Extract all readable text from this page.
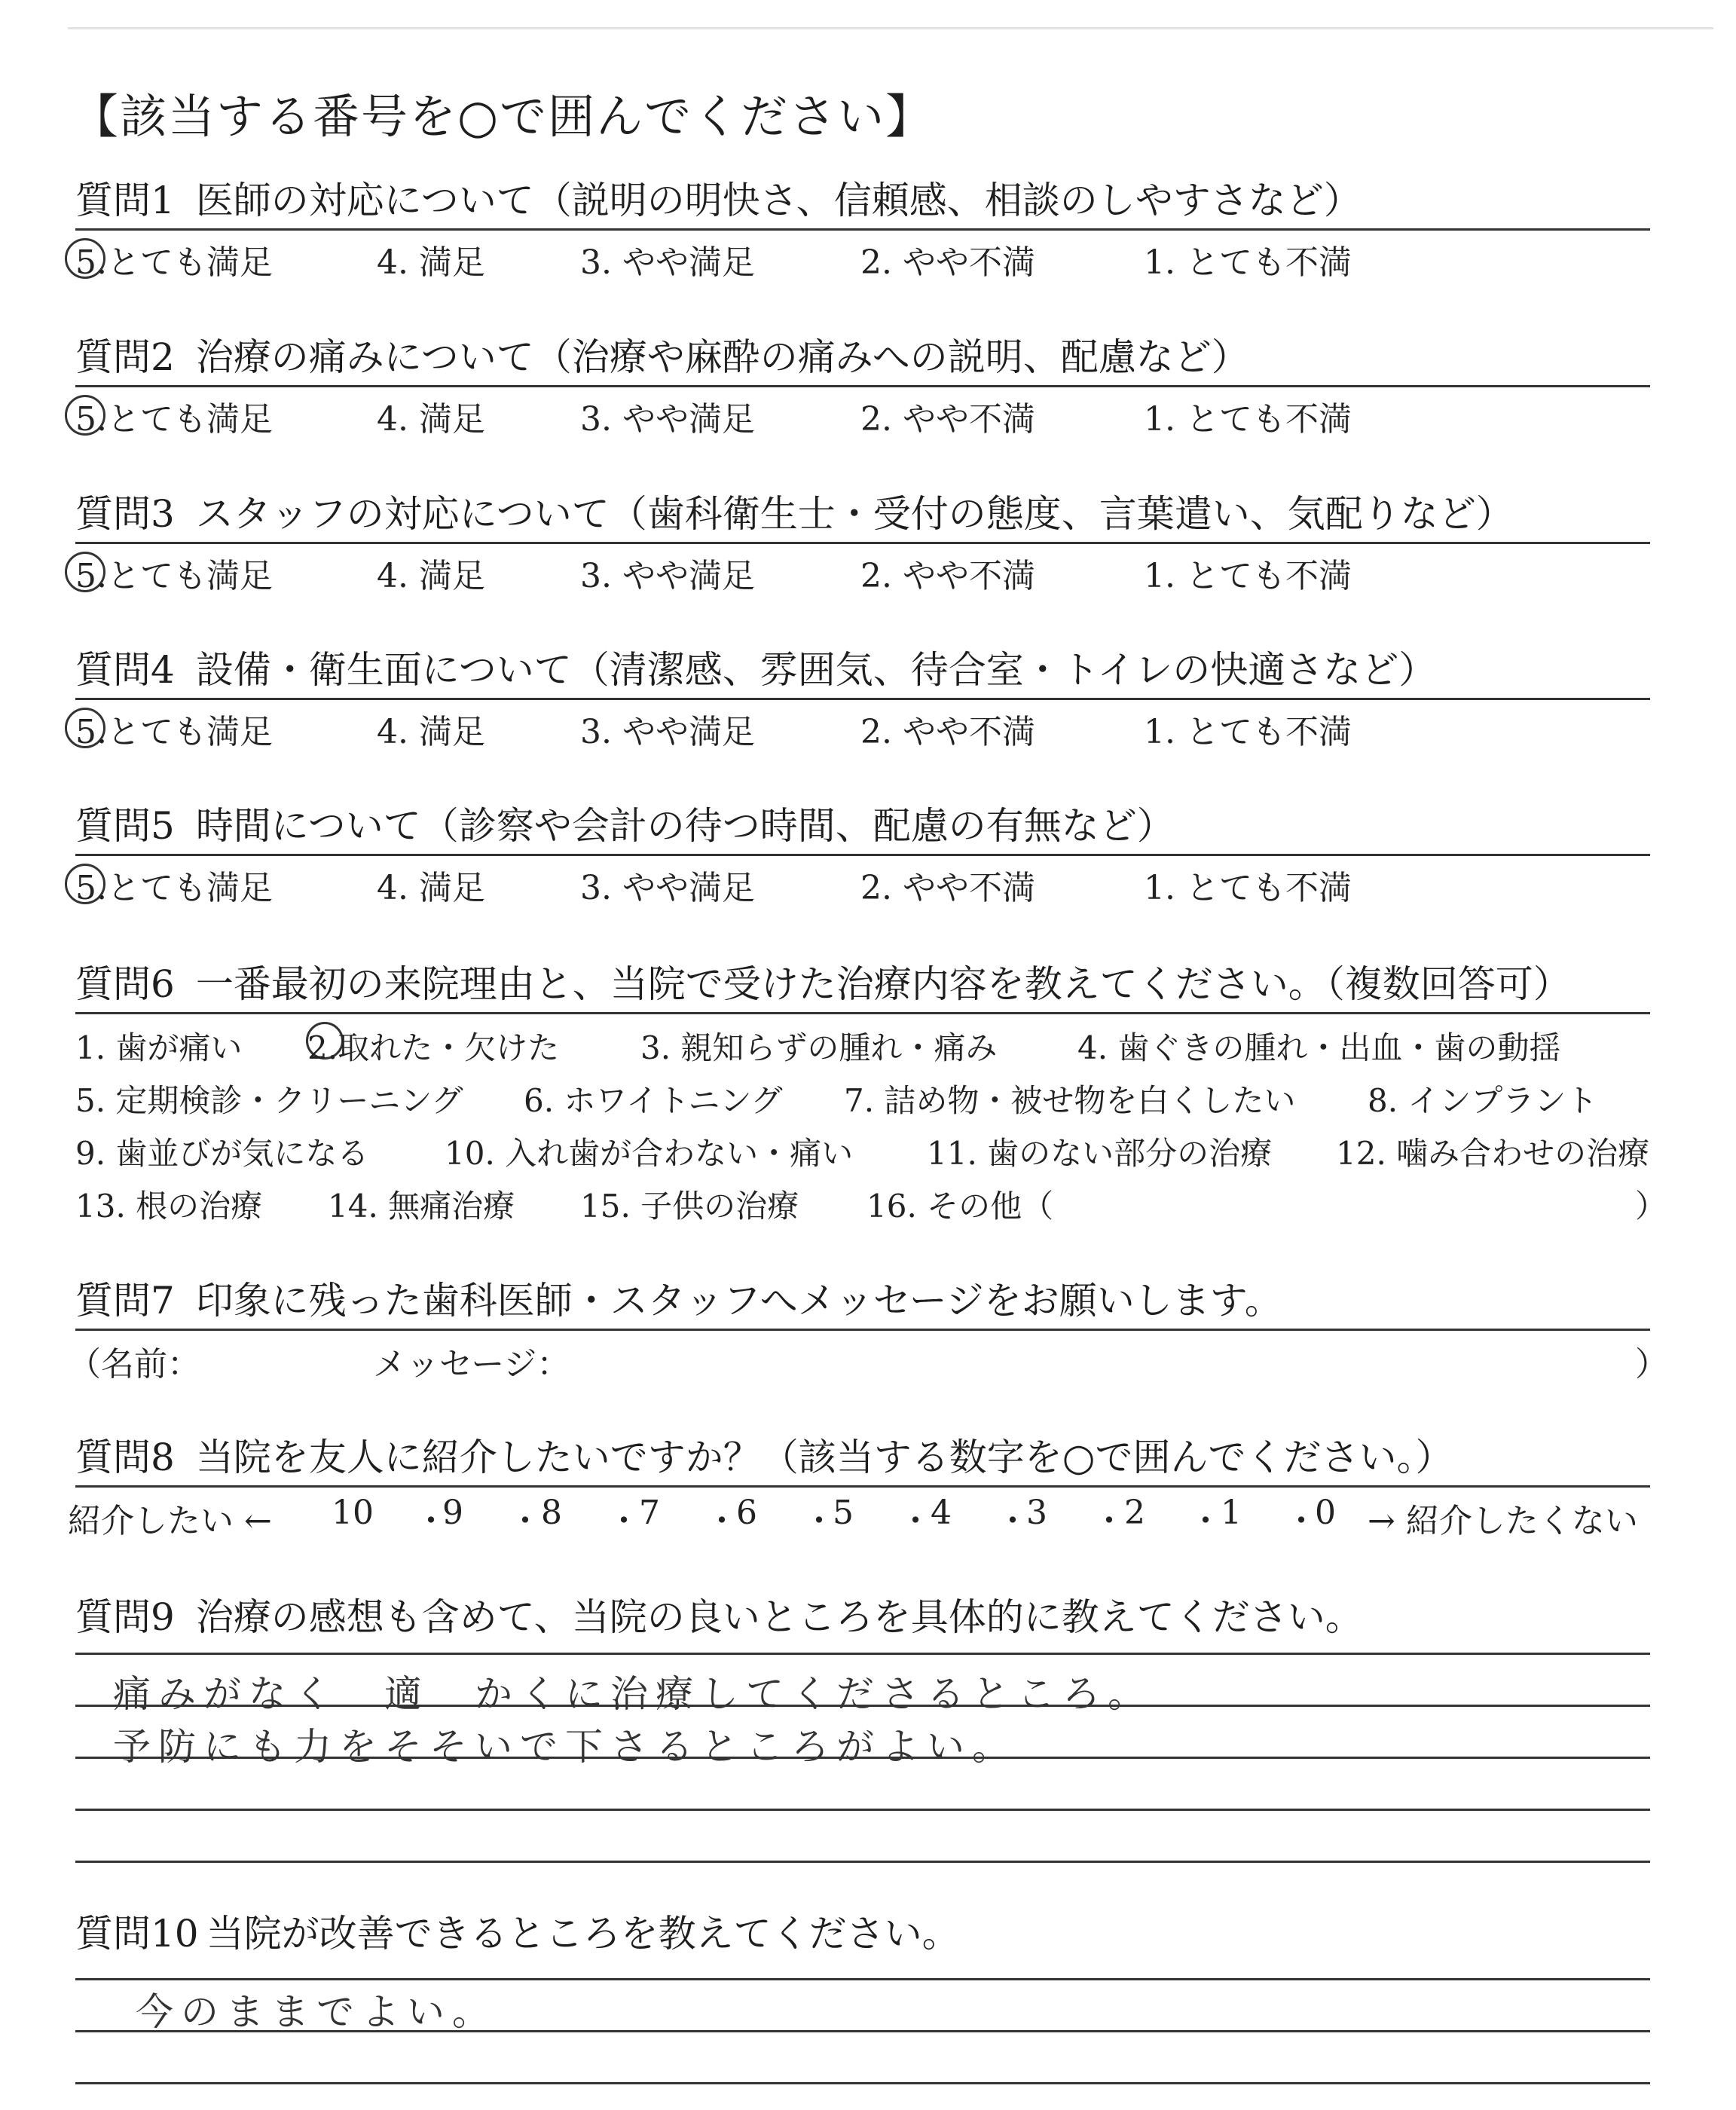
【該当する番号を○で囲んでください】
質問1 医師の対応について（説明の明快さ、信頼感、相談のしやすさなど）
5.とても満足	4. 満足	3. やや満足	2. やや不満	1. とても不満
質問2 治療の痛みについて（治療や麻酔の痛みへの説明、配慮など）
5.とても満足	4. 満足	3. やや満足	2. やや不満	1. とても不満
質問3 スタッフの対応について（歯科衛生士・受付の態度、言葉遣い、気配りなど）
5.とても満足	4. 満足	3. やや満足	2. やや不満	1. とても不満
質問4 設備・衛生面について（清潔感、雰囲気、待合室・トイレの快適さなど）
5.とても満足	4. 満足	3. やや満足	2. やや不満	1. とても不満
質問5 時間について（診察や会計の待つ時間、配慮の有無など）
5.とても満足	4. 満足	3. やや満足	2. やや不満	1. とても不満
質問6 一番最初の来院理由と、当院で受けた治療内容を教えてください。（複数回答可）
1. 歯が痛い 2.取れた・欠けた	3. 親知らずの腫れ・痛み	4. 歯ぐきの腫れ・出血・歯の動揺
5. 定期検診・クリーニング 6. ホワイトニング 7. 詰め物・被せ物を白くしたい 8. インプラント
9. 歯並びが気になる 10. 入れ歯が合わない・痛い 11. 歯のない部分の治療 12. 噛み合わせの治療
13. 根の治療 14. 無痛治療 15. 子供の治療 16. その他（	）
質問7 印象に残った歯科医師・スタッフへメッセージをお願いします。
（名前：	メッセージ：	）
質問8 当院を友人に紹介したいですか？（該当する数字を○で囲んでください。）
紹介したい ← 10 ・
9 ・ 8 ・
7 ・
6 ・
5 ・
4 ・
3 ・
2 ・
1 ・
0 → 紹介したくない
質問9 治療の感想も含めて、当院の良いところを具体的に教えてください。
痛みがなく　適　かくに治療してくださるところ。
予防にも力をそそいで下さるところがよい。
質問10 当院が改善できるところを教えてください。
今のままでよい。
